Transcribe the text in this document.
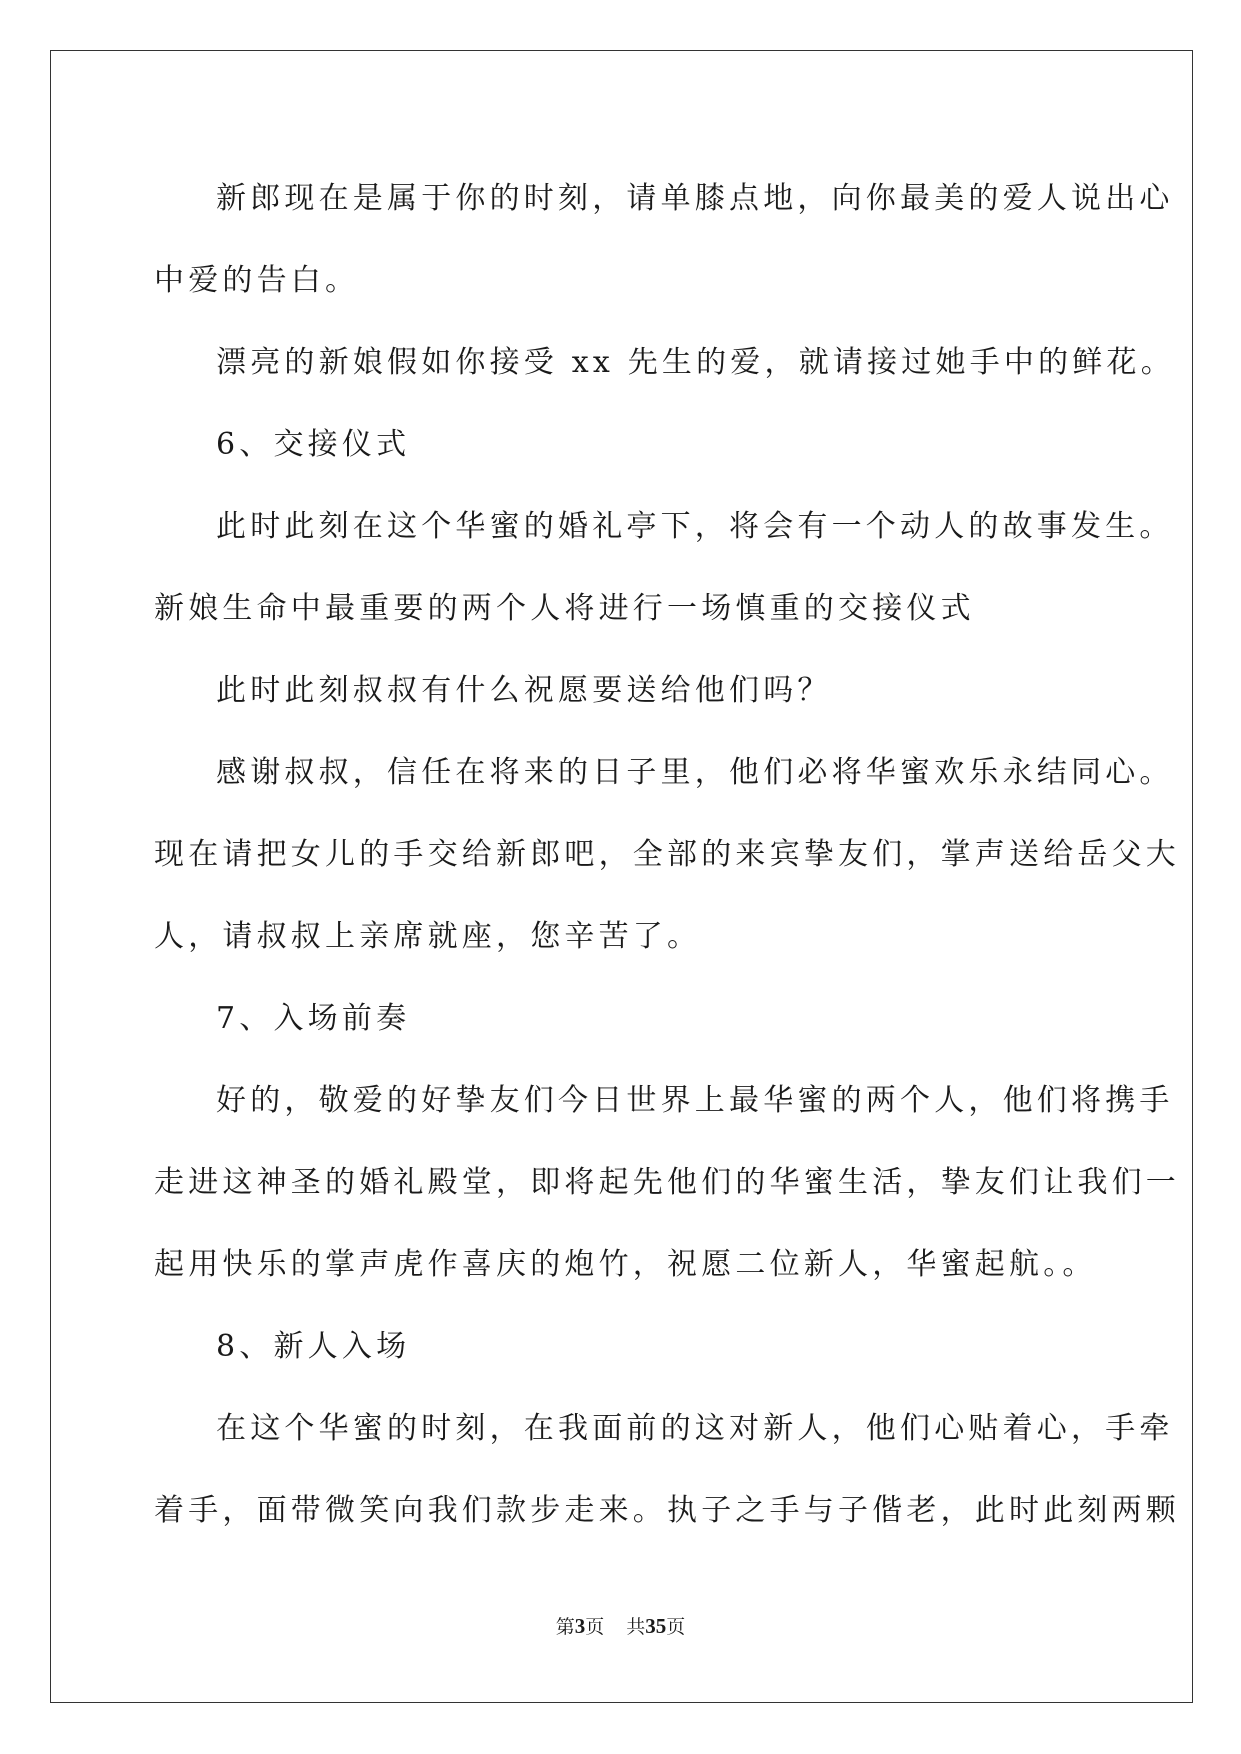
新郎现在是属于你的时刻，请单膝点地，向你最美的爱人说出心
中爱的告白。
漂亮的新娘假如你接受 xx 先生的爱，就请接过她手中的鲜花。
6、交接仪式
此时此刻在这个华蜜的婚礼亭下，将会有一个动人的故事发生。
新娘生命中最重要的两个人将进行一场慎重的交接仪式
此时此刻叔叔有什么祝愿要送给他们吗？
感谢叔叔，信任在将来的日子里，他们必将华蜜欢乐永结同心。
现在请把女儿的手交给新郎吧，全部的来宾挚友们，掌声送给岳父大
人，请叔叔上亲席就座，您辛苦了。
7、入场前奏
好的，敬爱的好挚友们今日世界上最华蜜的两个人，他们将携手
走进这神圣的婚礼殿堂，即将起先他们的华蜜生活，挚友们让我们一
起用快乐的掌声虎作喜庆的炮竹，祝愿二位新人，华蜜起航。。
8、新人入场
在这个华蜜的时刻，在我面前的这对新人，他们心贴着心，手牵
着手，面带微笑向我们款步走来。执子之手与子偕老，此时此刻两颗
第3页 共35页
